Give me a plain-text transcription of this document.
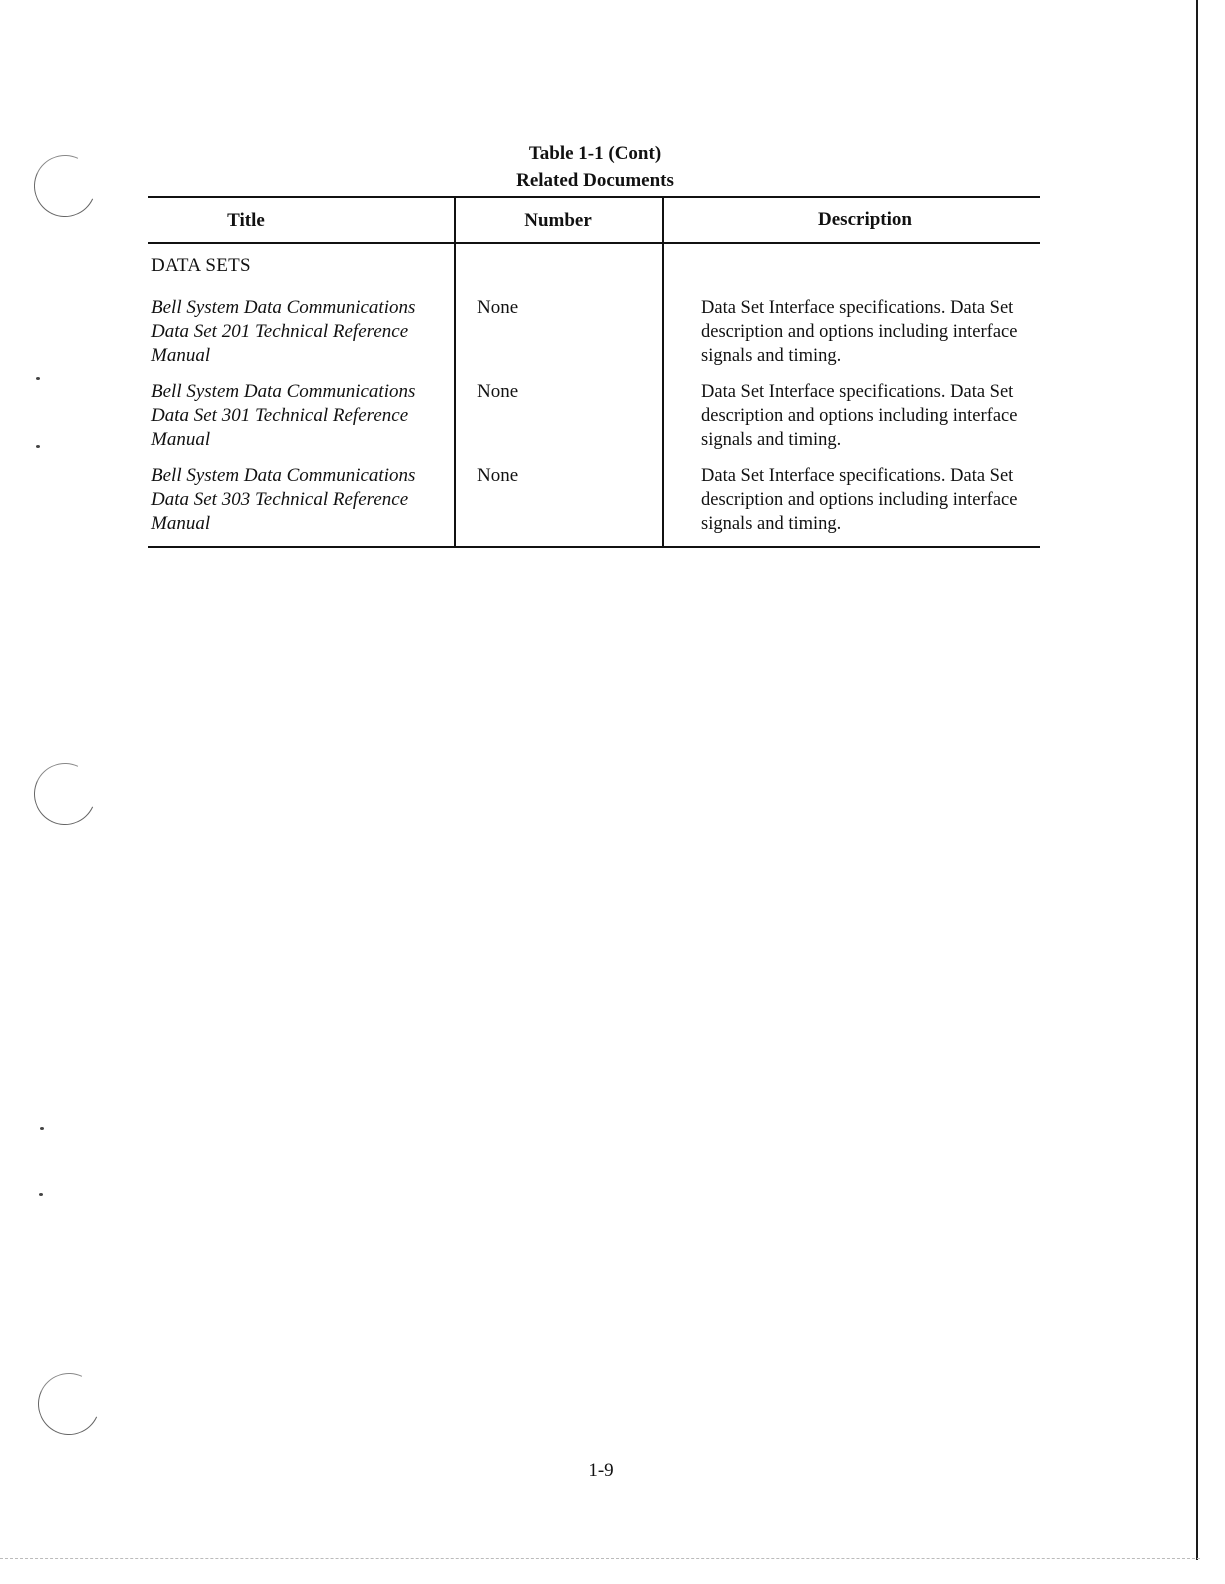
Table 1-1 (Cont)
Related Documents
Title	Number	Description
DATA SETS
Bell System Data Communications
Data Set 201 Technical Reference
Manual
None	Data Set Interface specifications. Data Set
description and options including interface
signals and timing.
Bell System Data Communications
Data Set 301 Technical Reference
Manual
None	Data Set Interface specifications. Data Set
description and options including interface
signals and timing.
Bell System Data Communications
Data Set 303 Technical Reference
Manual
None	Data Set Interface specifications. Data Set
description and options including interface
signals and timing.
1-9
